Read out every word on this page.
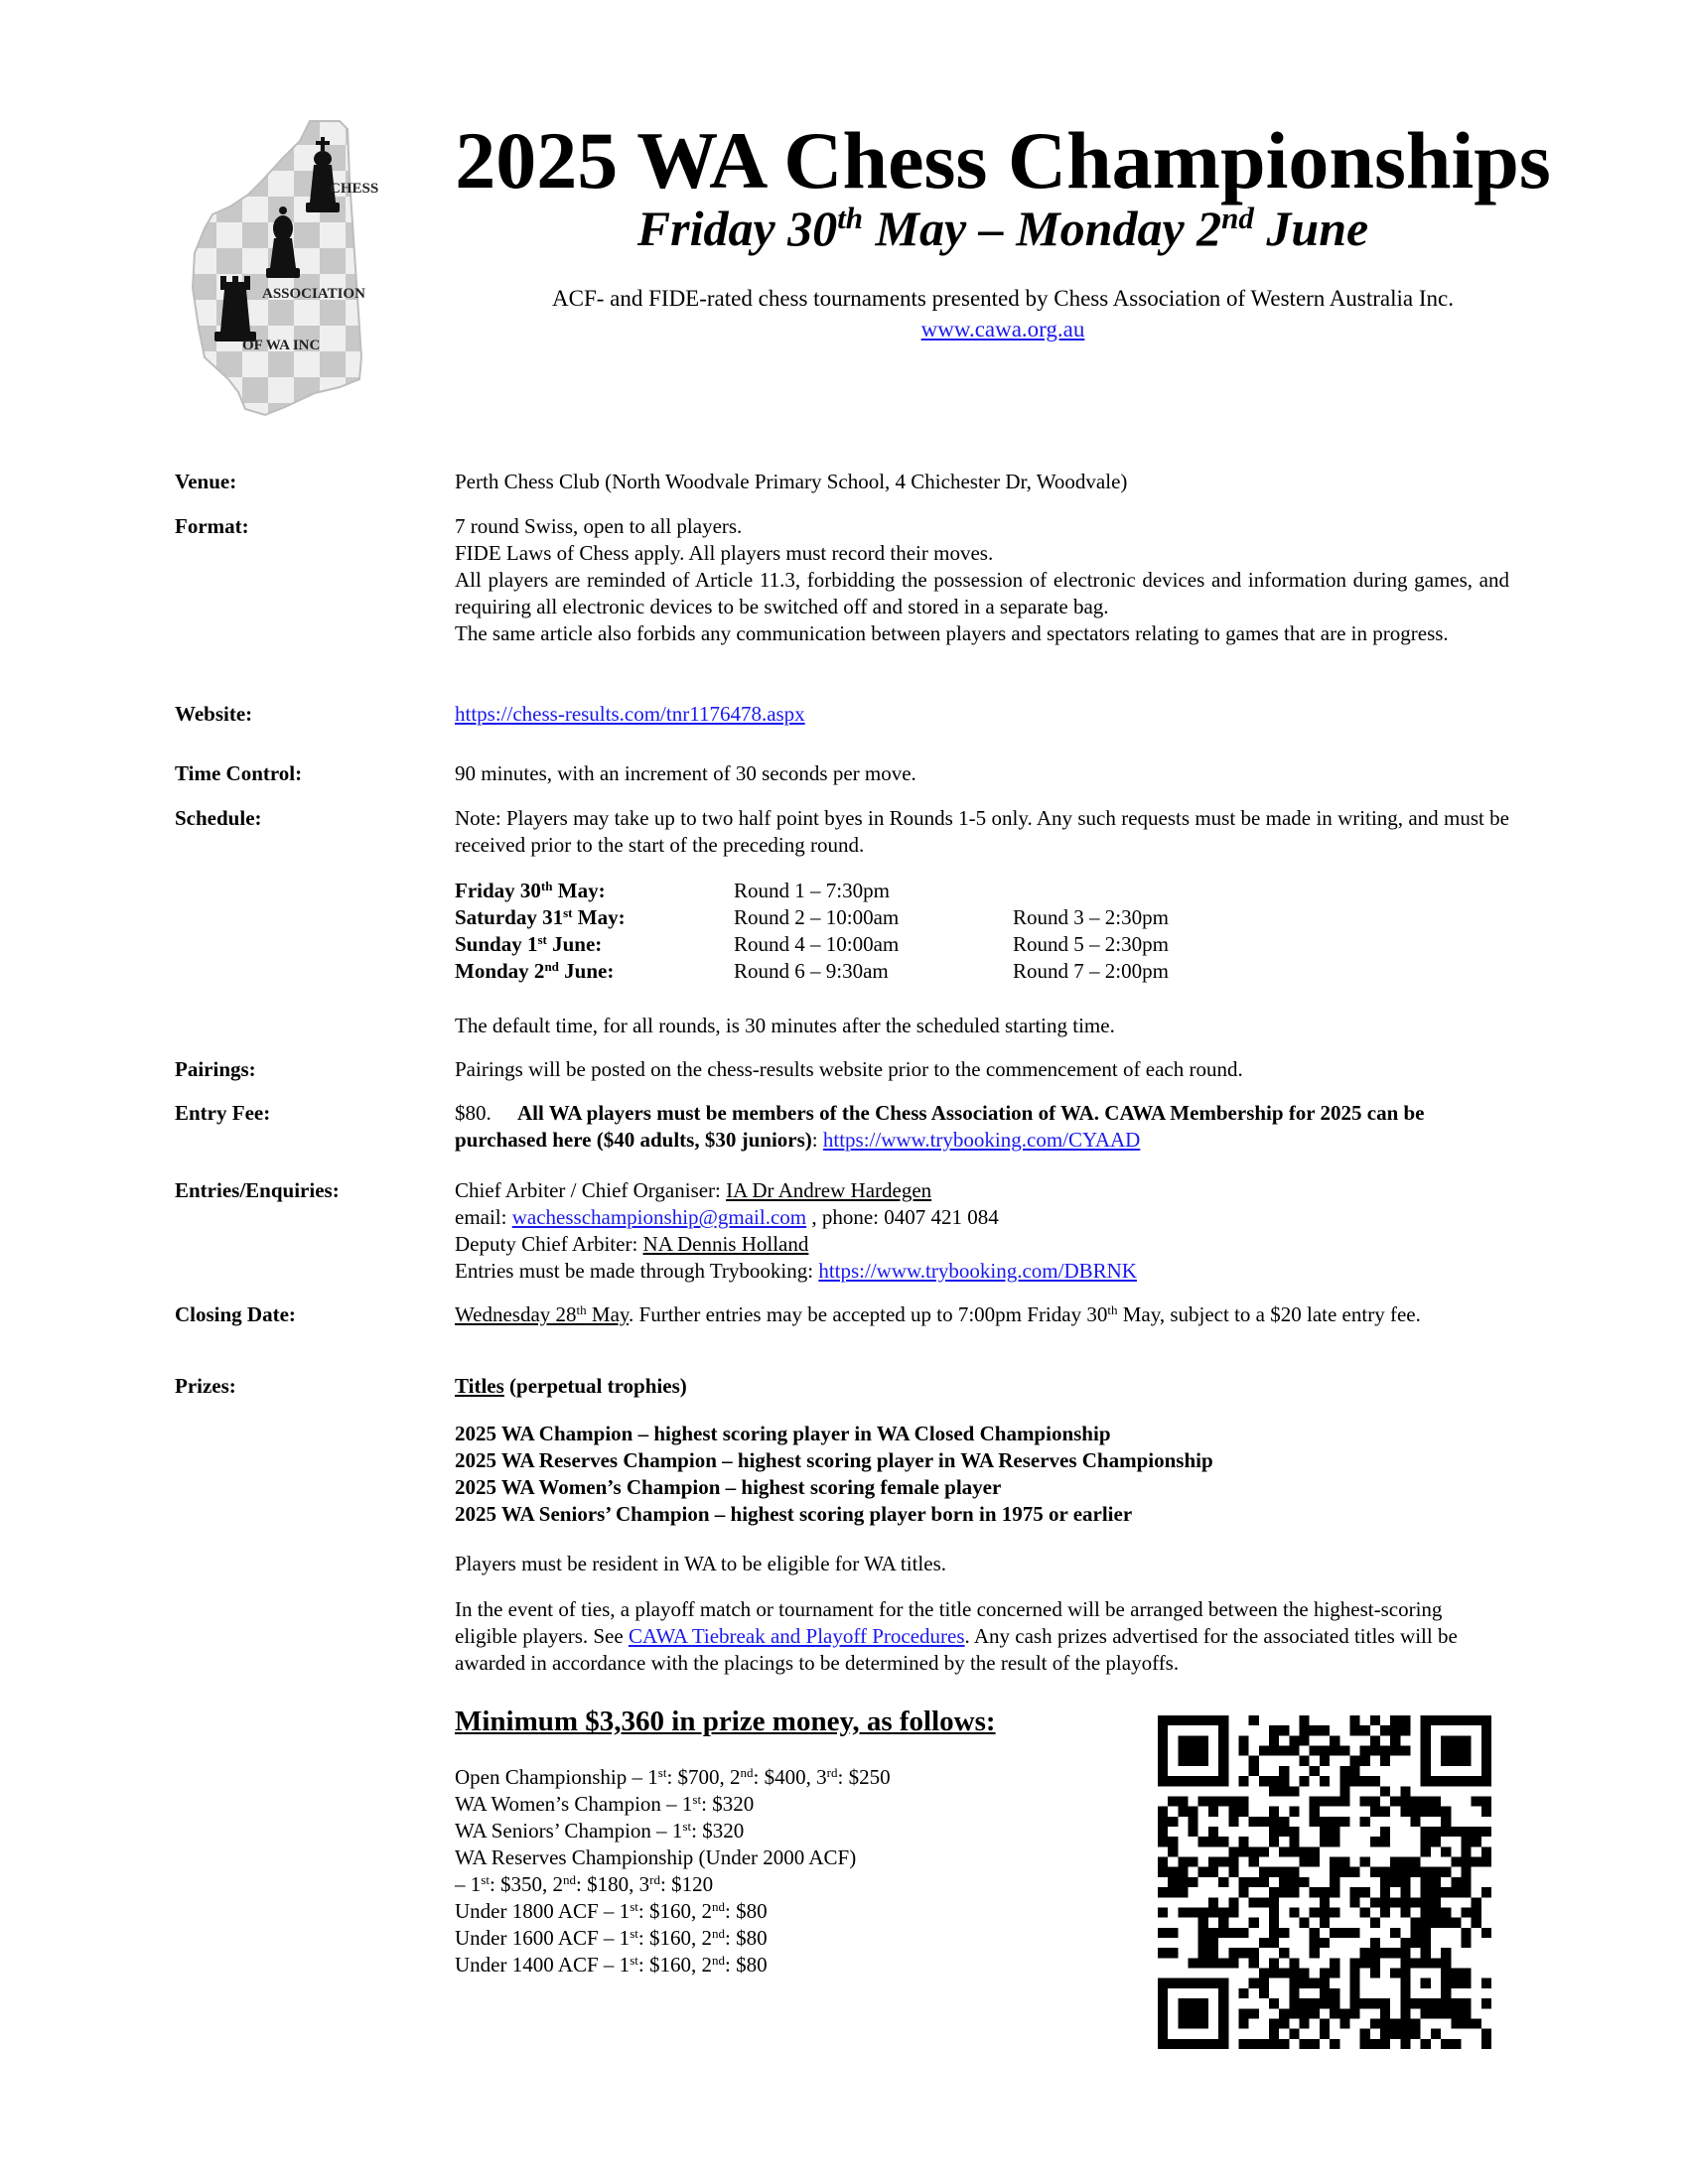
CHESS
ASSOCIATION
OF WA INC
2025 WA Chess Championships
Friday 30th May – Monday 2nd June
ACF- and FIDE-rated chess tournaments presented by Chess Association of Western Australia Inc.
www.cawa.org.au
Venue:	Perth Chess Club (North Woodvale Primary School, 4 Chichester Dr, Woodvale)
Format:	7 round Swiss, open to all players.

FIDE Laws of Chess apply. All players must record their moves.

All players are reminded of Article 11.3, forbidding the possession of electronic devices and information during games, and requiring all electronic devices to be switched off and stored in a separate bag.

The same article also forbids any communication between players and spectators relating to games that are in progress.

Website:	https://chess-results.com/tnr1176478.aspx
Time Control:	90 minutes, with an increment of 30 seconds per move.
Schedule:	Note: Players may take up to two half point byes in Rounds 1-5 only. Any such requests must be made in writing, and must be received prior to the start of the preceding round.
Friday 30th May:	Round 1 – 7:30pm
Saturday 31st May:	Round 2 – 10:00am	Round 3 – 2:30pm
Sunday 1st June:	Round 4 – 10:00am	Round 5 – 2:30pm
Monday 2nd June:	Round 6 – 9:30am	Round 7 – 2:00pm
The default time, for all rounds, is 30 minutes after the scheduled starting time.
Pairings:	Pairings will be posted on the chess-results website prior to the commencement of each round.
Entry Fee:	$80. All WA players must be members of the Chess Association of WA. CAWA Membership for 2025 can be purchased here ($40 adults, $30 juniors): https://www.trybooking.com/CYAAD
Entries/Enquiries:	Chief Arbiter / Chief Organiser: IA Dr Andrew Hardegen

email: wachesschampionship@gmail.com , phone: 0407 421 084

Deputy Chief Arbiter: NA Dennis Holland

Entries must be made through Trybooking: https://www.trybooking.com/DBRNK

Closing Date:	Wednesday 28th May. Further entries may be accepted up to 7:00pm Friday 30th May, subject to a $20 late entry fee.
Prizes:	Titles (perpetual trophies)

2025 WA Champion – highest scoring player in WA Closed Championship

2025 WA Reserves Champion – highest scoring player in WA Reserves Championship

2025 WA Women’s Champion – highest scoring female player

2025 WA Seniors’ Champion – highest scoring player born in 1975 or earlier

Players must be resident in WA to be eligible for WA titles.
In the event of ties, a playoff match or tournament for the title concerned will be arranged between the highest-scoring eligible players. See CAWA Tiebreak and Playoff Procedures. Any cash prizes advertised for the associated titles will be awarded in accordance with the placings to be determined by the result of the playoffs.
Minimum $3,360 in prize money, as follows:
Open Championship – 1st: $700, 2nd: $400, 3rd: $250
WA Women’s Champion – 1st: $320
WA Seniors’ Champion – 1st: $320
WA Reserves Championship (Under 2000 ACF)
– 1st: $350, 2nd: $180, 3rd: $120
Under 1800 ACF – 1st: $160, 2nd: $80
Under 1600 ACF – 1st: $160, 2nd: $80
Under 1400 ACF – 1st: $160, 2nd: $80
